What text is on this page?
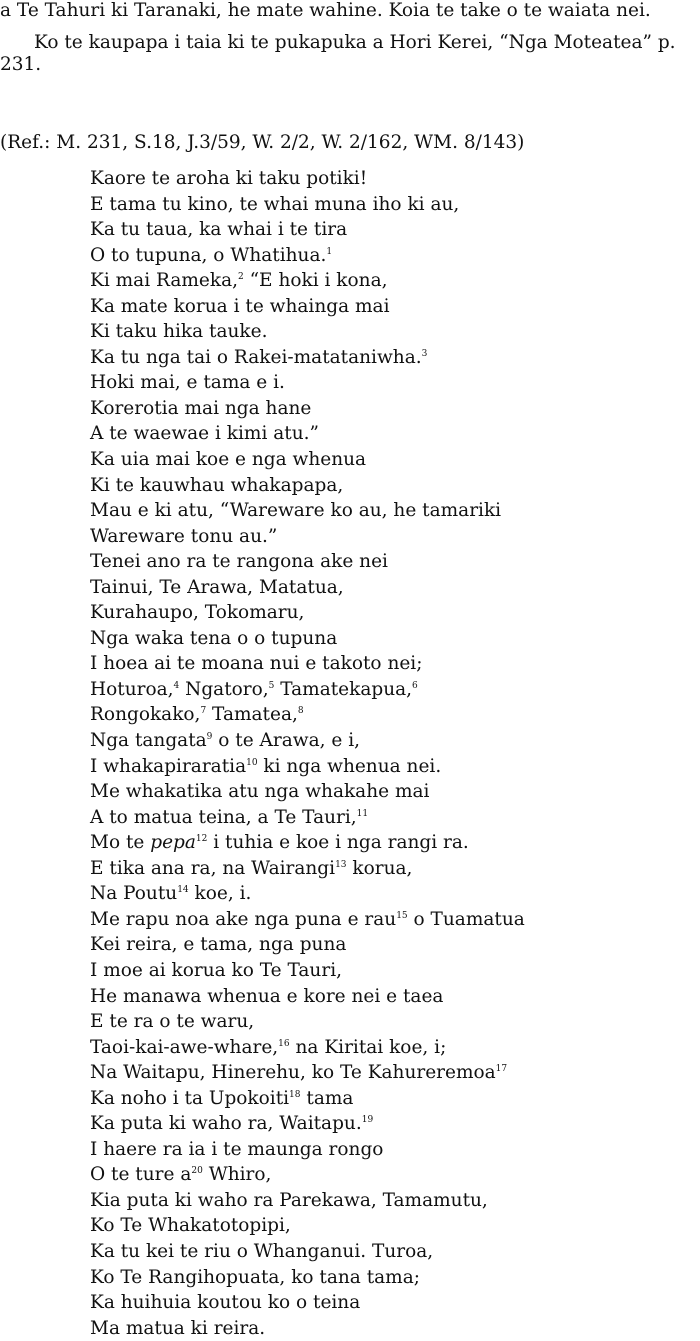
a Te Tahuri ki Taranaki, he mate wahine. Koia te take o te waiata nei.

Ko te kaupapa i taia ki te pukapuka a Hori Kerei, “Nga Moteatea” p. 231.

(Ref.: M. 231, S.18, J.3/59, W. 2/2, W. 2/162, WM. 8/143)
Kaore te aroha ki taku potiki!
E tama tu kino, te whai muna iho ki au,
Ka tu taua, ka whai i te tira
O to tupuna, o Whatihua.$^1$
Ki mai Rameka,$^2$ “E hoki i kona,
Ka mate korua i te whainga mai
Ki taku hika tauke.
Ka tu nga tai o Rakei-matataniwha.$^3$
Hoki mai, e tama e i.
Korerotia mai nga hane
A te waewae i kimi atu.”
Ka uia mai koe e nga whenua
Ki te kauwhau whakapapa,
Mau e ki atu, “Wareware ko au, he tamariki
Wareware tonu au.”
Tenei ano ra te rangona ake nei
Tainui, Te Arawa, Matatua,
Kurahaupo, Tokomaru,
Nga waka tena o o tupuna
I hoea ai te moana nui e takoto nei;
Hoturoa,$^4$ Ngatoro,$^5$ Tamatekapua,$^6$
Rongokako,$^7$ Tamatea,$^8$
Nga tangata$^9$ o te Arawa, e i,
I whakapiraratia$^{10}$ ki nga whenua nei.
Me whakatika atu nga whakahe mai
A to matua teina, a Te Tauri,$^{11}$
Mo te pepa$^{12}$ i tuhia e koe i nga rangi ra.
E tika ana ra, na Wairangi$^{13}$ korua,
Na Poutu$^{14}$ koe, i.
Me rapu noa ake nga puna e rau$^{15}$ o Tuamatua
Kei reira, e tama, nga puna
I moe ai korua ko Te Tauri,
He manawa whenua e kore nei e taea
E te ra o te waru,
Taoi-kai-awe-whare,$^{16}$ na Kiritai koe, i;
Na Waitapu, Hinerehu, ko Te Kahureremoa$^{17}$
Ka noho i ta Upokoiti$^{18}$ tama
Ka puta ki waho ra, Waitapu.$^{19}$
I haere ra ia i te maunga rongo
O te ture $a^{20}$ Whiro,
Kia puta ki waho ra Parekawa, Tamamutu,
Ko Te Whakatotopipi,
Ka tu kei te riu o Whanganui. Turoa,
Ko Te Rangihopuata, ko tana tama;
Ka huihuia koutou ko o teina
Ma matua ki reira.
